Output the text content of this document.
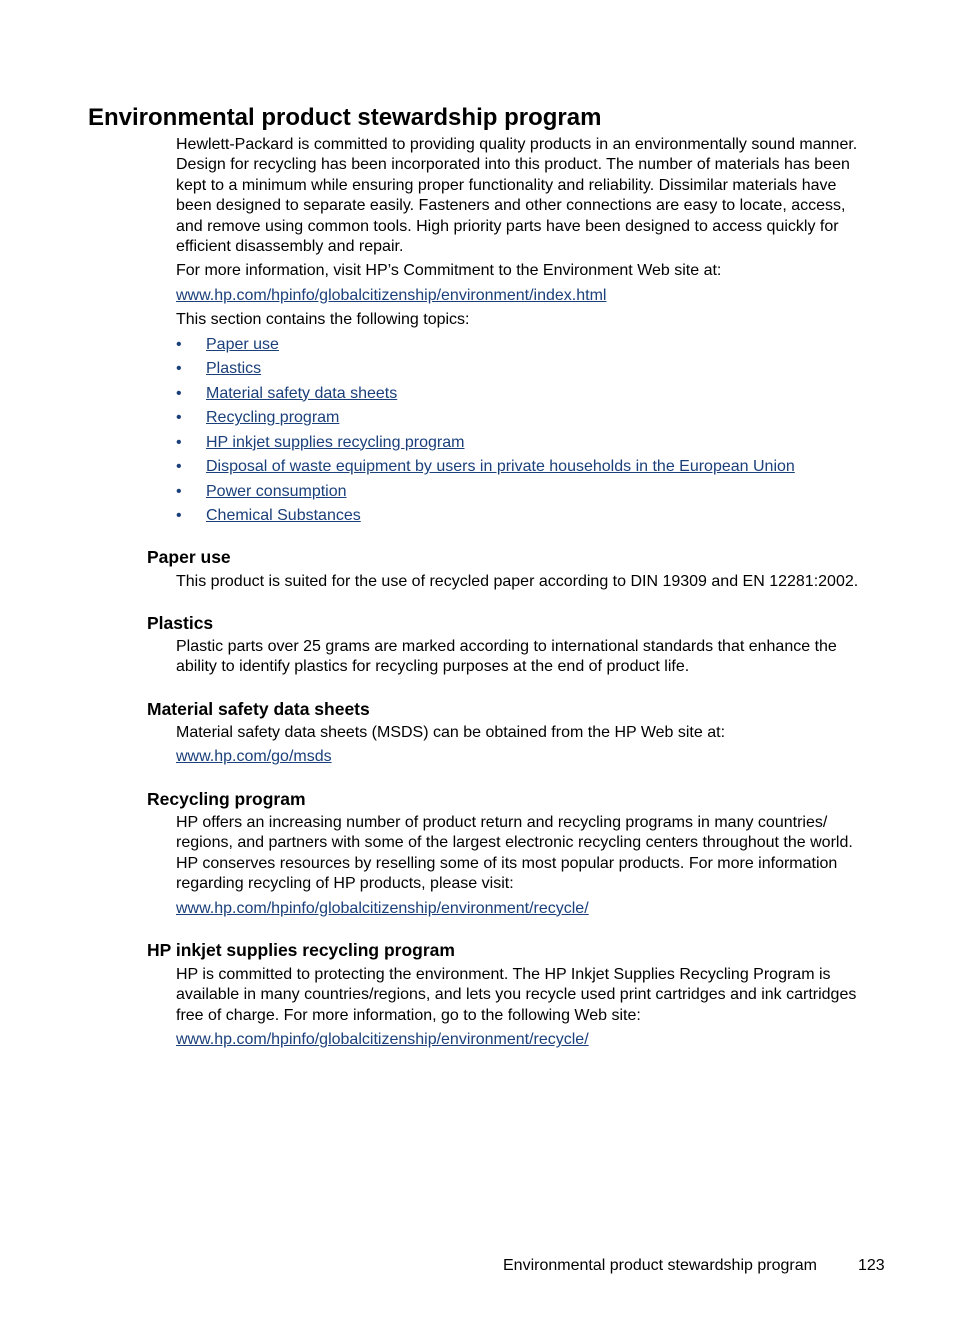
Environmental product stewardship program

Hewlett-Packard is committed to providing quality products in an environmentally sound manner. Design for recycling has been incorporated into this product. The number of materials has been kept to a minimum while ensuring proper functionality and reliability. Dissimilar materials have been designed to separate easily. Fasteners and other connections are easy to locate, access, and remove using common tools. High priority parts have been designed to access quickly for efficient disassembly and repair.

For more information, visit HP’s Commitment to the Environment Web site at:

www.hp.com/hpinfo/globalcitizenship/environment/index.html

This section contains the following topics:

• Paper use
• Plastics
• Material safety data sheets
• Recycling program
• HP inkjet supplies recycling program
• Disposal of waste equipment by users in private households in the European Union
• Power consumption
• Chemical Substances
Paper use

This product is suited for the use of recycled paper according to DIN 19309 and EN 12281:2002.

Plastics

Plastic parts over 25 grams are marked according to international standards that enhance the ability to identify plastics for recycling purposes at the end of product life.

Material safety data sheets

Material safety data sheets (MSDS) can be obtained from the HP Web site at:

www.hp.com/go/msds

Recycling program

HP offers an increasing number of product return and recycling programs in many countries/ regions, and partners with some of the largest electronic recycling centers throughout the world. HP conserves resources by reselling some of its most popular products. For more information regarding recycling of HP products, please visit:

www.hp.com/hpinfo/globalcitizenship/environment/recycle/

HP inkjet supplies recycling program

HP is committed to protecting the environment. The HP Inkjet Supplies Recycling Program is available in many countries/regions, and lets you recycle used print cartridges and ink cartridges free of charge. For more information, go to the following Web site:

www.hp.com/hpinfo/globalcitizenship/environment/recycle/

Environmental product stewardship program	123
